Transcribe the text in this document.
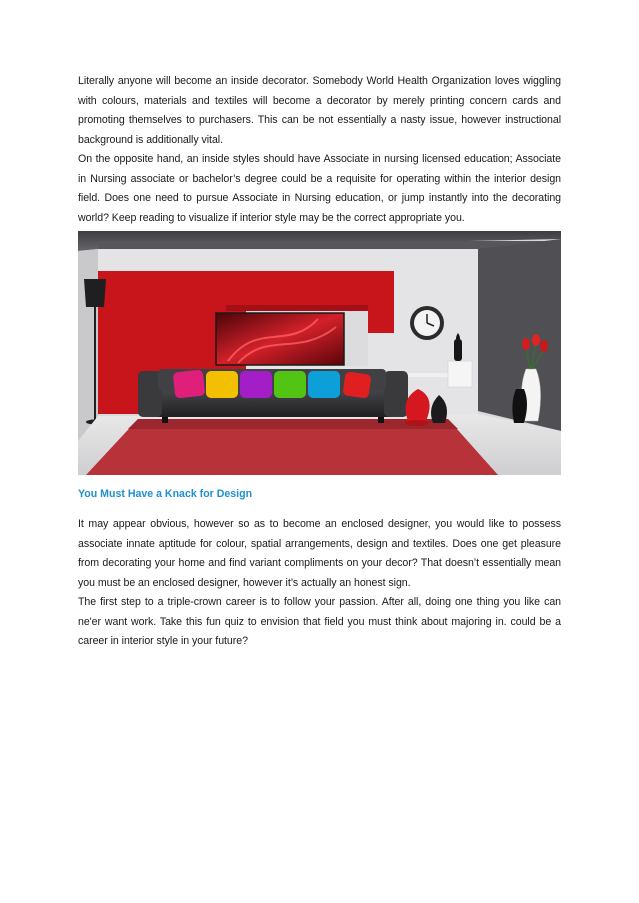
Literally anyone will become an inside decorator. Somebody World Health Organization loves wiggling with colours, materials and textiles will become a decorator by merely printing concern cards and promoting themselves to purchasers. This can be not essentially a nasty issue, however instructional background is additionally vital.

On the opposite hand, an inside styles should have Associate in nursing licensed education; Associate in Nursing associate or bachelor’s degree could be a requisite for operating within the interior design field. Does one need to pursue Associate in Nursing education, or jump instantly into the decorating world? Keep reading to visualize if interior style may be the correct appropriate you.

You Must Have a Knack for Design

It may appear obvious, however so as to become an enclosed designer, you would like to possess associate innate aptitude for colour, spatial arrangements, design and textiles. Does one get pleasure from decorating your home and find variant compliments on your decor? That doesn’t essentially mean you must be an enclosed designer, however it’s actually an honest sign.

The first step to a triple-crown career is to follow your passion. After all, doing one thing you like can ne'er want work. Take this fun quiz to envision that field you must think about majoring in. could be a career in interior style in your future?
